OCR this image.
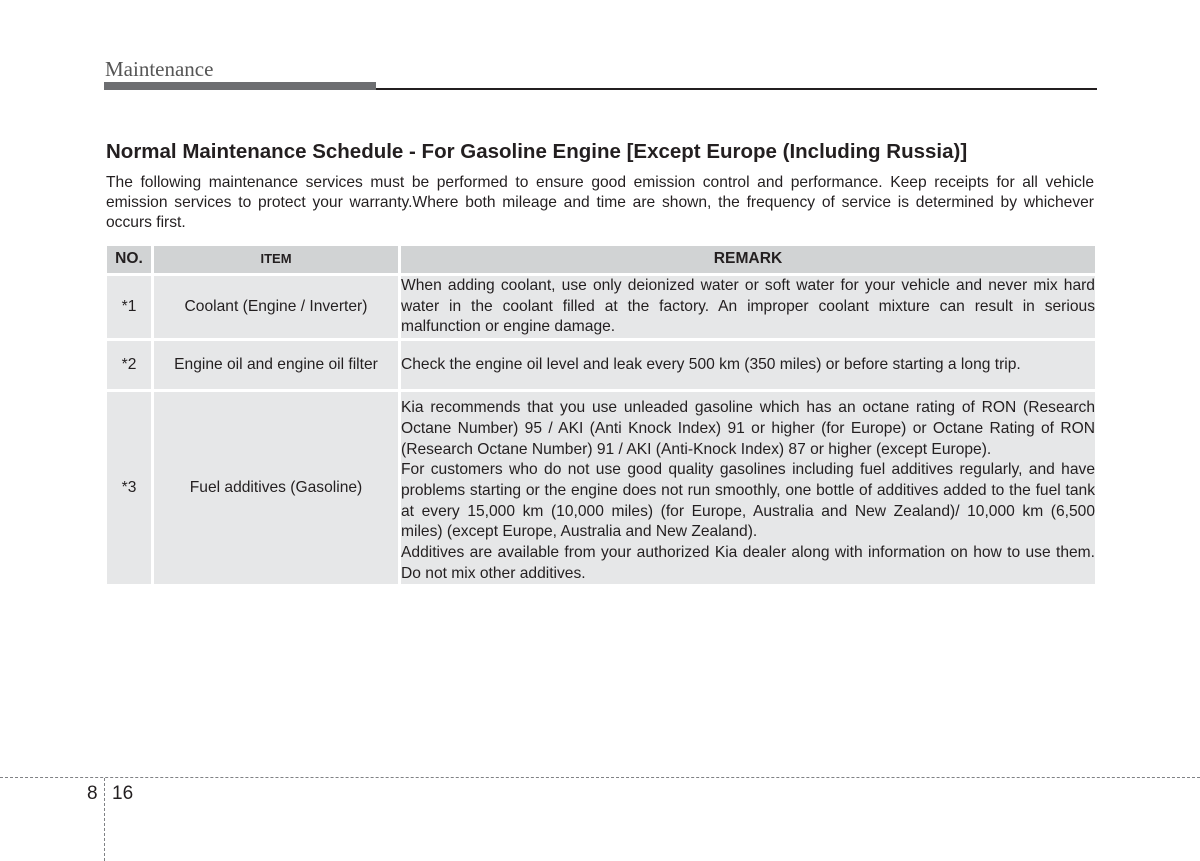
Maintenance
Normal Maintenance Schedule - For Gasoline Engine [Except Europe (Including Russia)]

The following maintenance services must be performed to ensure good emission control and performance. Keep receipts for all vehicle emission services to protect your warranty.Where both mileage and time are shown, the frequency of service is determined by whichever occurs first.

NO.	ITEM	REMARK
*1	Coolant (Engine / Inverter)	When adding coolant, use only deionized water or soft water for your vehicle and never mix hard water in the coolant filled at the factory. An improper coolant mixture can result in serious malfunction or engine damage.

*2	Engine oil and engine oil filter	Check the engine oil level and leak every 500 km (350 miles) or before starting a long trip.

*3	Fuel additives (Gasoline)	Kia recommends that you use unleaded gasoline which has an octane rating of RON (Research Octane Number) 95 / AKI (Anti Knock Index) 91 or higher (for Europe) or Octane Rating of RON (Research Octane Number) 91 / AKI (Anti-Knock Index) 87 or higher (except Europe).

For customers who do not use good quality gasolines including fuel additives regularly, and have problems starting or the engine does not run smoothly, one bottle of additives added to the fuel tank at every 15,000 km (10,000 miles) (for Europe, Australia and New Zealand)/ 10,000 km (6,500 miles) (except Europe, Australia and New Zealand).

Additives are available from your authorized Kia dealer along with information on how to use them. Do not mix other additives.

8 16
